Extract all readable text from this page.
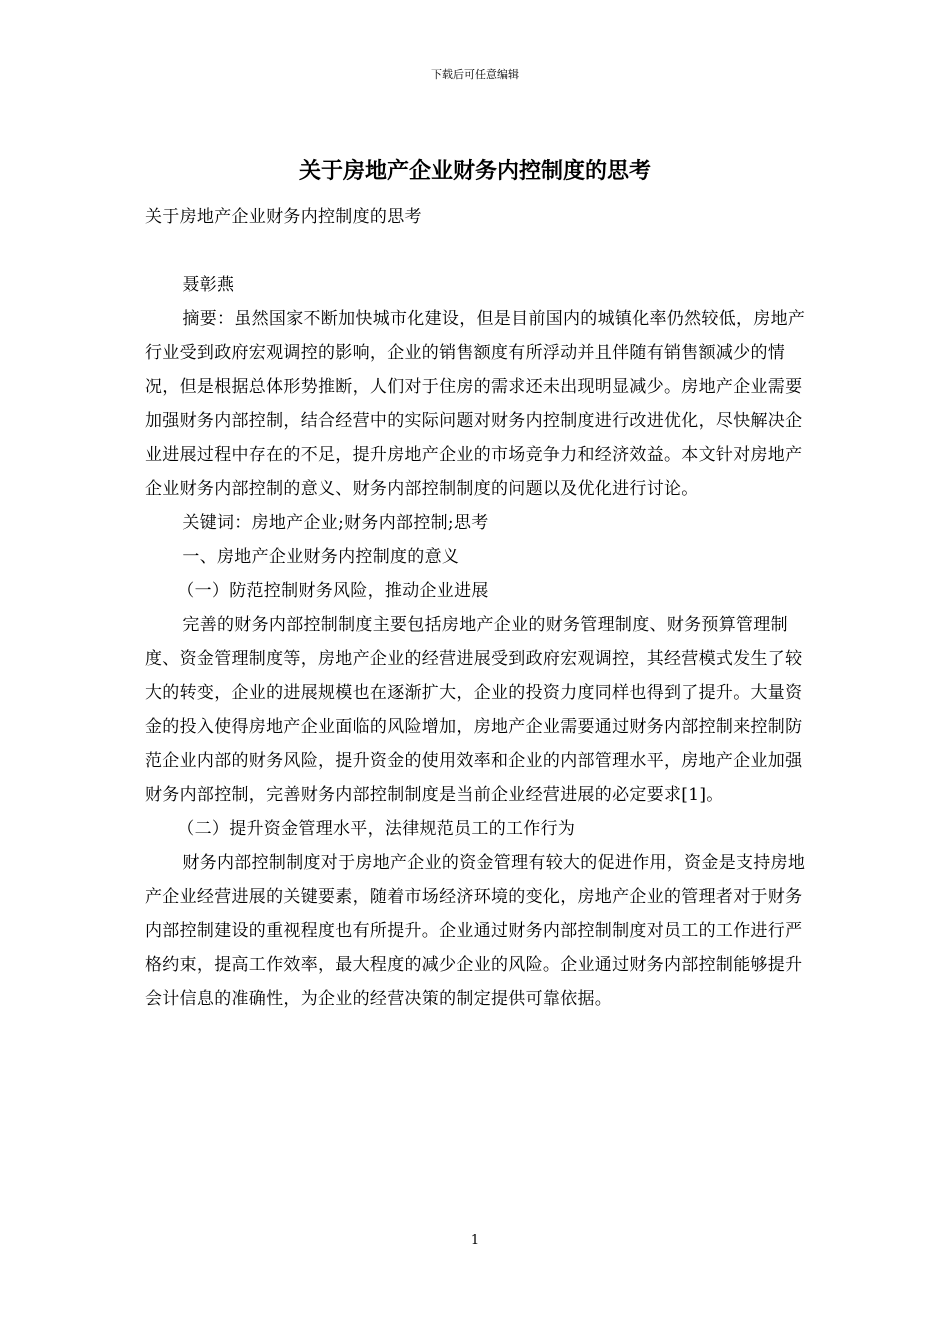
下载后可任意编辑
关于房地产企业财务内控制度的思考

关于房地产企业财务内控制度的思考

聂彰燕

摘要：虽然国家不断加快城市化建设，但是目前国内的城镇化率仍然较低，房地产行业受到政府宏观调控的影响，企业的销售额度有所浮动并且伴随有销售额减少的情况，但是根据总体形势推断，人们对于住房的需求还未出现明显减少。房地产企业需要加强财务内部控制，结合经营中的实际问题对财务内控制度进行改进优化，尽快解决企业进展过程中存在的不足，提升房地产企业的市场竞争力和经济效益。本文针对房地产企业财务内部控制的意义、财务内部控制制度的问题以及优化进行讨论。

关键词：房地产企业;财务内部控制;思考

一、房地产企业财务内控制度的意义

（一）防范控制财务风险，推动企业进展

完善的财务内部控制制度主要包括房地产企业的财务管理制度、财务预算管理制度、资金管理制度等，房地产企业的经营进展受到政府宏观调控，其经营模式发生了较大的转变，企业的进展规模也在逐渐扩大，企业的投资力度同样也得到了提升。大量资金的投入使得房地产企业面临的风险增加，房地产企业需要通过财务内部控制来控制防范企业内部的财务风险，提升资金的使用效率和企业的内部管理水平，房地产企业加强财务内部控制，完善财务内部控制制度是当前企业经营进展的必定要求[1]。

（二）提升资金管理水平，法律规范员工的工作行为

财务内部控制制度对于房地产企业的资金管理有较大的促进作用，资金是支持房地产企业经营进展的关键要素，随着市场经济环境的变化，房地产企业的管理者对于财务内部控制建设的重视程度也有所提升。企业通过财务内部控制制度对员工的工作进行严格约束，提高工作效率，最大程度的减少企业的风险。企业通过财务内部控制能够提升会计信息的准确性，为企业的经营决策的制定提供可靠依据。

1
